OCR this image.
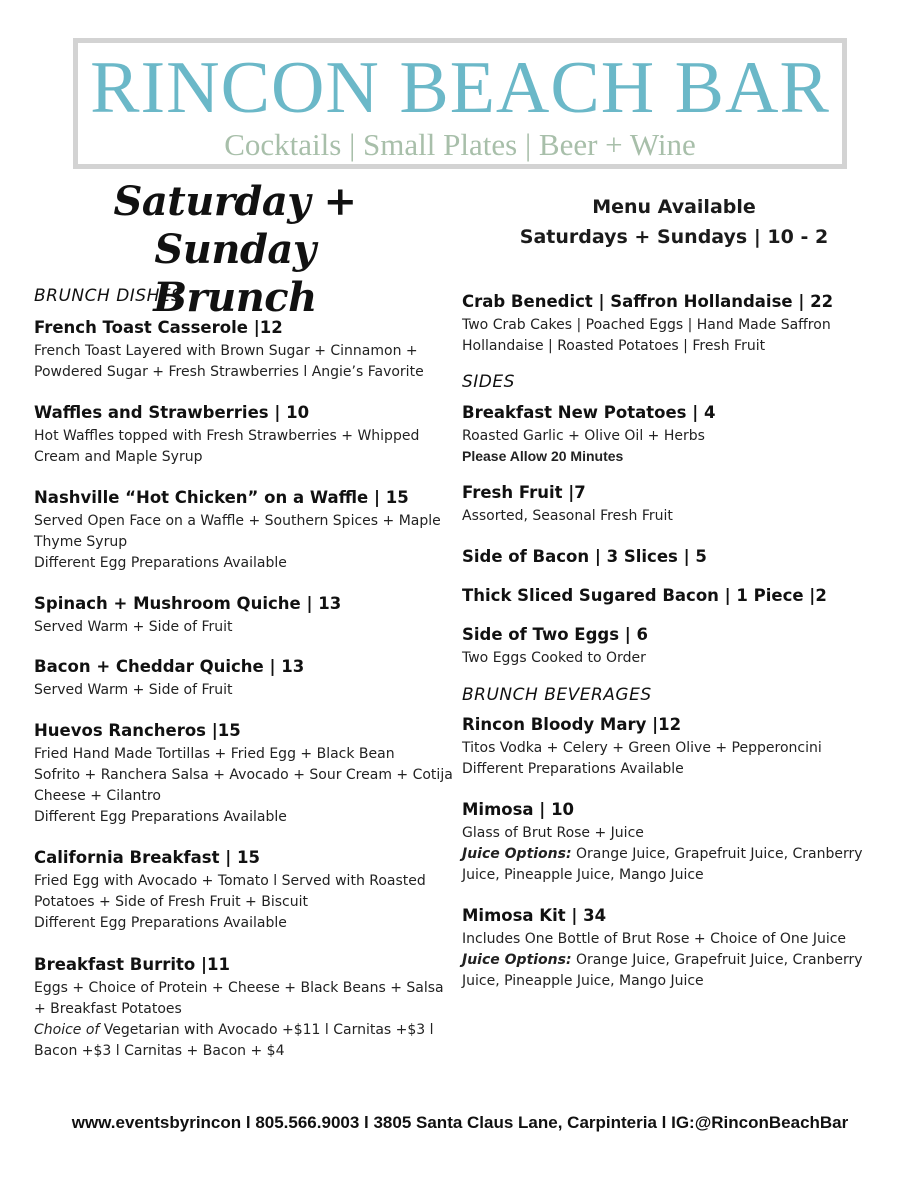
RINCON BEACH BAR
Cocktails | Small Plates | Beer + Wine
Saturday + Sunday
Brunch
Menu Available
Saturdays + Sundays | 10 - 2
BRUNCH DISHES
French Toast Casserole |12
French Toast Layered with Brown Sugar + Cinnamon +
Powdered Sugar + Fresh Strawberries l Angie’s Favorite
Waffles and Strawberries | 10
Hot Waffles topped with Fresh Strawberries + Whipped
Cream and Maple Syrup
Nashville “Hot Chicken” on a Waffle | 15
Served Open Face on a Waffle + Southern Spices + Maple
Thyme Syrup
Different Egg Preparations Available
Spinach + Mushroom Quiche | 13
Served Warm + Side of Fruit
Bacon + Cheddar Quiche | 13
Served Warm + Side of Fruit
Huevos Rancheros |15
Fried Hand Made Tortillas + Fried Egg + Black Bean
Sofrito + Ranchera Salsa + Avocado + Sour Cream + Cotija
Cheese + Cilantro
Different Egg Preparations Available
California Breakfast | 15
Fried Egg with Avocado + Tomato l Served with Roasted
Potatoes + Side of Fresh Fruit + Biscuit
Different Egg Preparations Available
Breakfast Burrito |11
Eggs + Choice of Protein + Cheese + Black Beans + Salsa
+ Breakfast Potatoes
Choice of Vegetarian with Avocado +$11 l Carnitas +$3 l
Bacon +$3 l Carnitas + Bacon + $4
Crab Benedict | Saffron Hollandaise | 22
Two Crab Cakes | Poached Eggs | Hand Made Saffron
Hollandaise | Roasted Potatoes | Fresh Fruit
SIDES
Breakfast New Potatoes | 4
Roasted Garlic + Olive Oil + Herbs
Please Allow 20 Minutes
Fresh Fruit |7
Assorted, Seasonal Fresh Fruit
Side of Bacon | 3 Slices | 5
Thick Sliced Sugared Bacon | 1 Piece |2
Side of Two Eggs | 6
Two Eggs Cooked to Order
BRUNCH BEVERAGES
Rincon Bloody Mary |12
Titos Vodka + Celery + Green Olive + Pepperoncini
Different Preparations Available
Mimosa | 10
Glass of Brut Rose + Juice
Juice Options: Orange Juice, Grapefruit Juice, Cranberry
Juice, Pineapple Juice, Mango Juice
Mimosa Kit | 34
Includes One Bottle of Brut Rose + Choice of One Juice
Juice Options: Orange Juice, Grapefruit Juice, Cranberry
Juice, Pineapple Juice, Mango Juice
www.eventsbyrincon l 805.566.9003 l 3805 Santa Claus Lane, Carpinteria l IG:@RinconBeachBar
